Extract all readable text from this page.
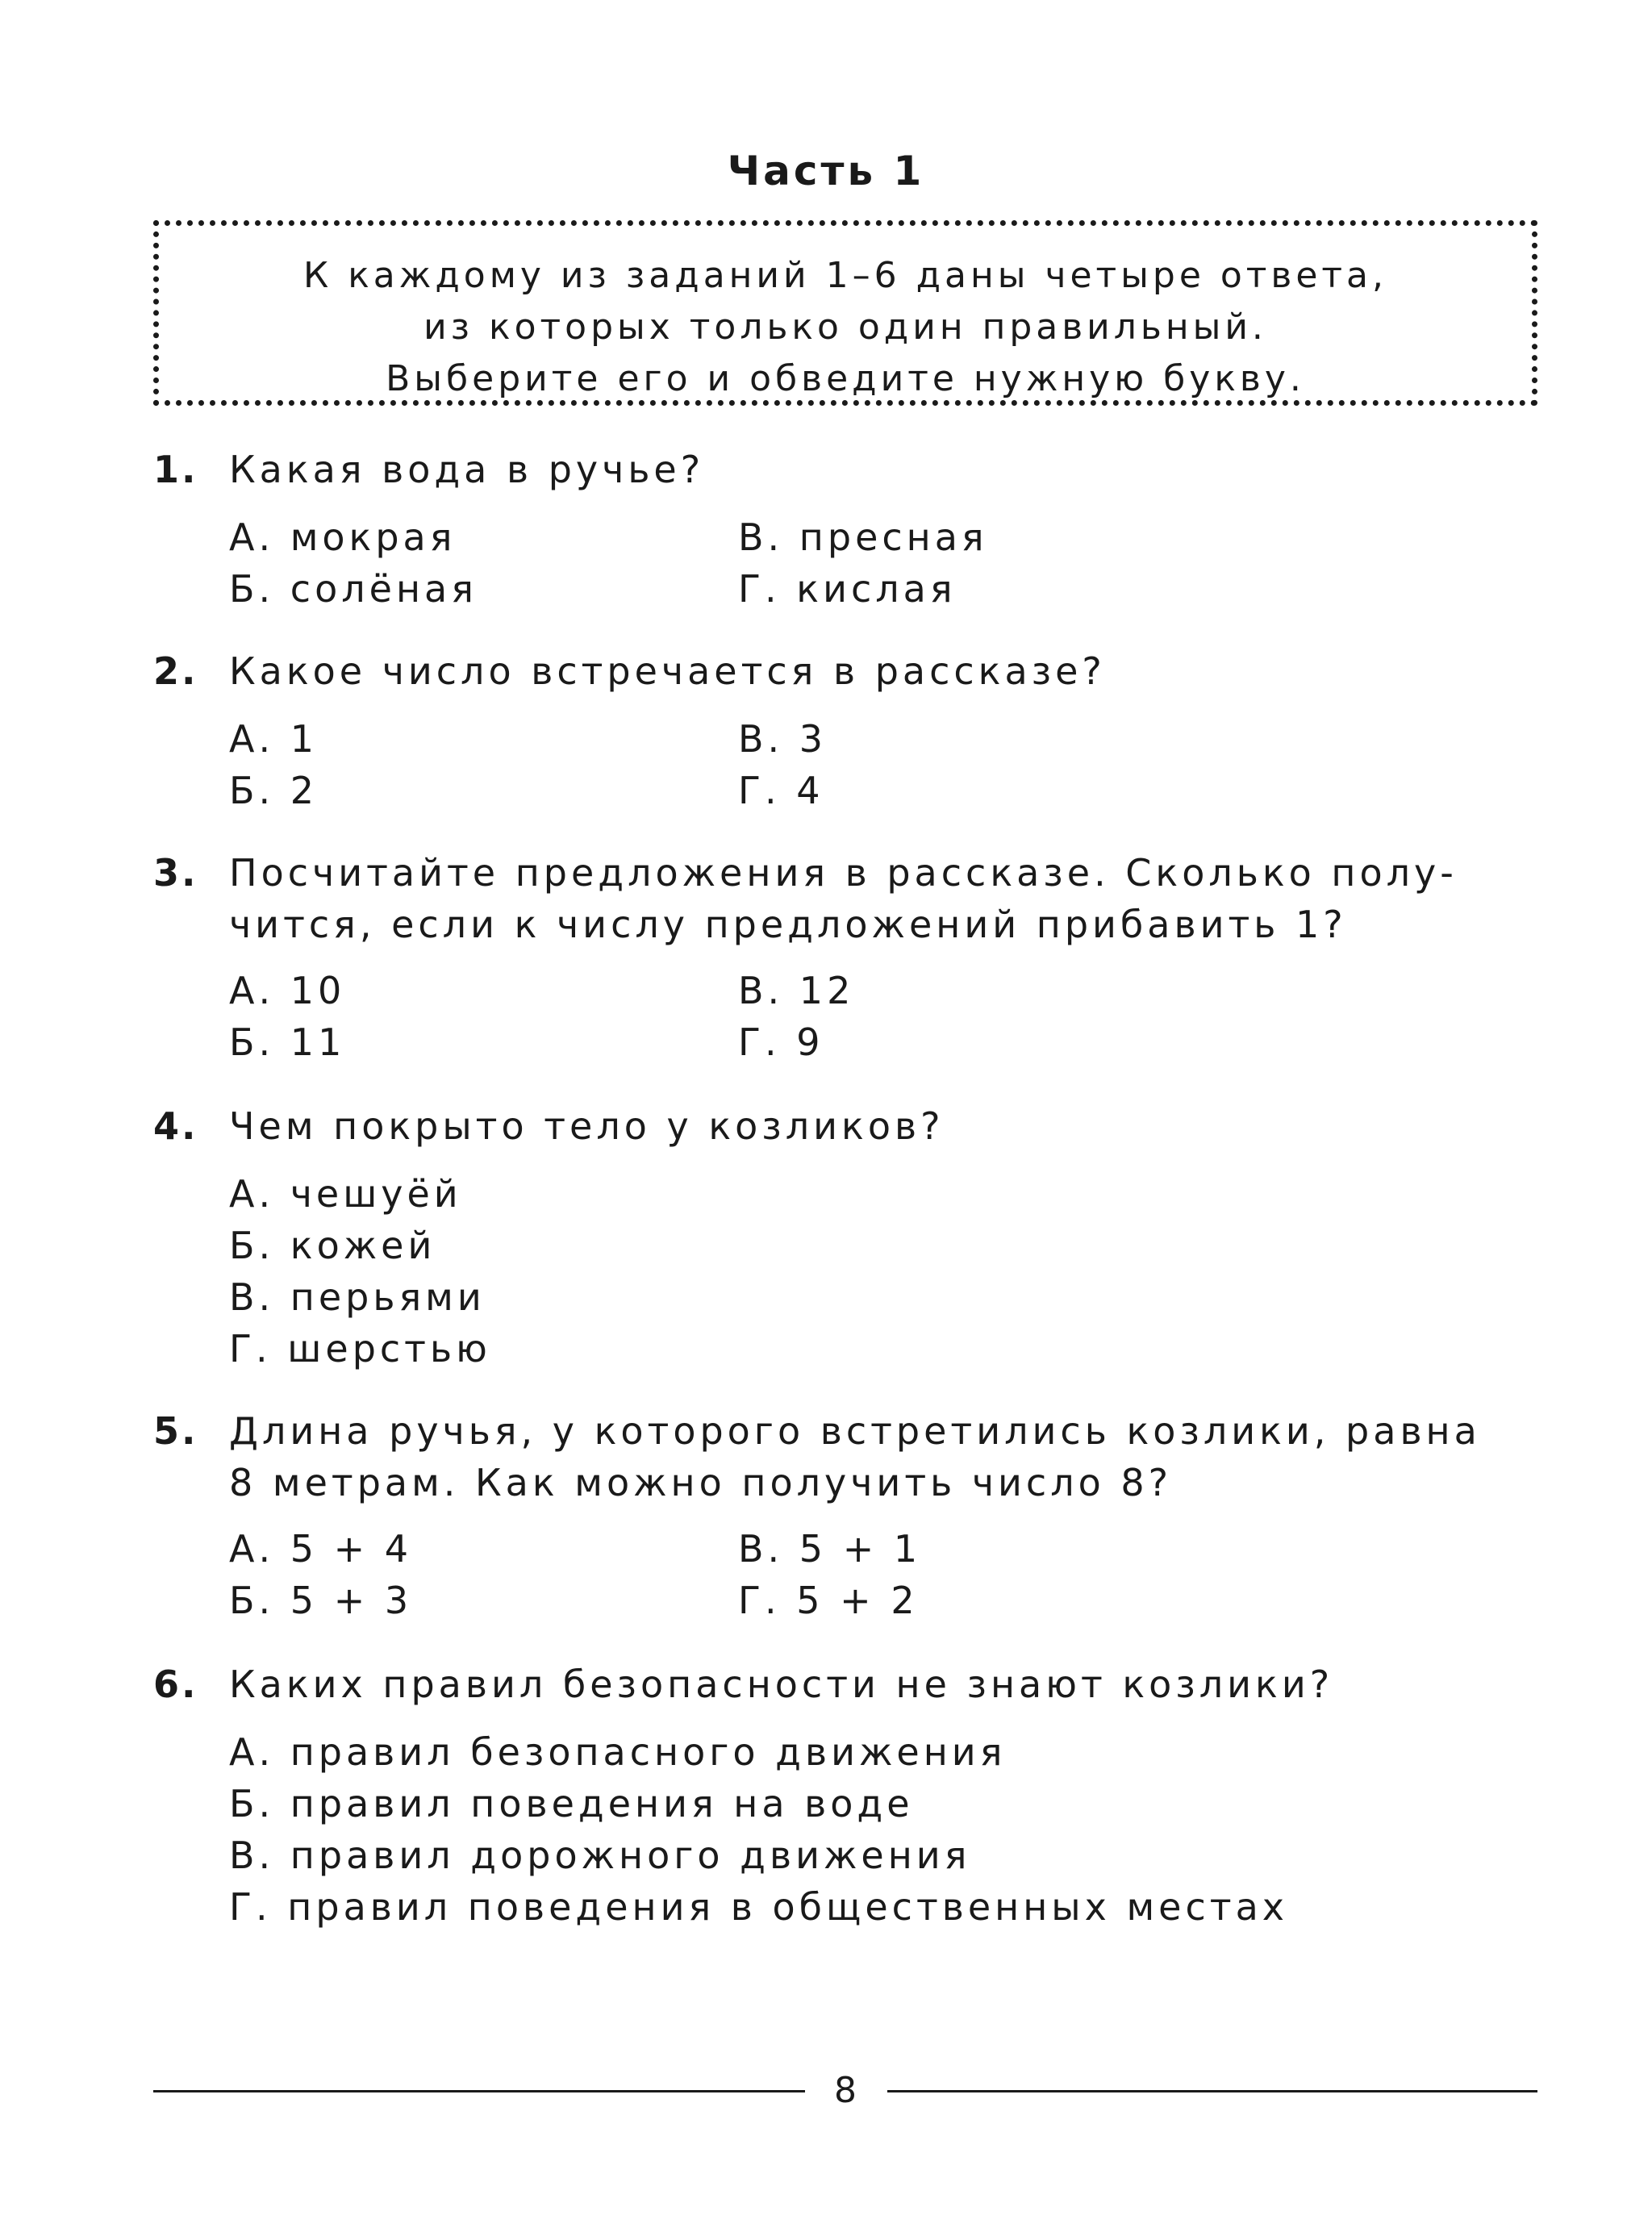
Часть 1
К каждому из заданий 1–6 даны четыре ответа,
из которых только один правильный.
Выберите его и обведите нужную букву.
1. Какая вода в ручье?
А. мокрая
Б. солёная
В. пресная
Г. кислая
2. Какое число встречается в рассказе?
А. 1
Б. 2
В. 3
Г. 4
3. Посчитайте предложения в рассказе. Сколько полу-
чится, если к числу предложений прибавить 1?
А. 10
Б. 11
В. 12
Г. 9
4. Чем покрыто тело у козликов?
А. чешуёй
Б. кожей
В. перьями
Г. шерстью
5. Длина ручья, у которого встретились козлики, равна
8 метрам. Как можно получить число 8?
А. 5 + 4
Б. 5 + 3
В. 5 + 1
Г. 5 + 2
6. Каких правил безопасности не знают козлики?
А. правил безопасного движения
Б. правил поведения на воде
В. правил дорожного движения
Г. правил поведения в общественных местах
8
